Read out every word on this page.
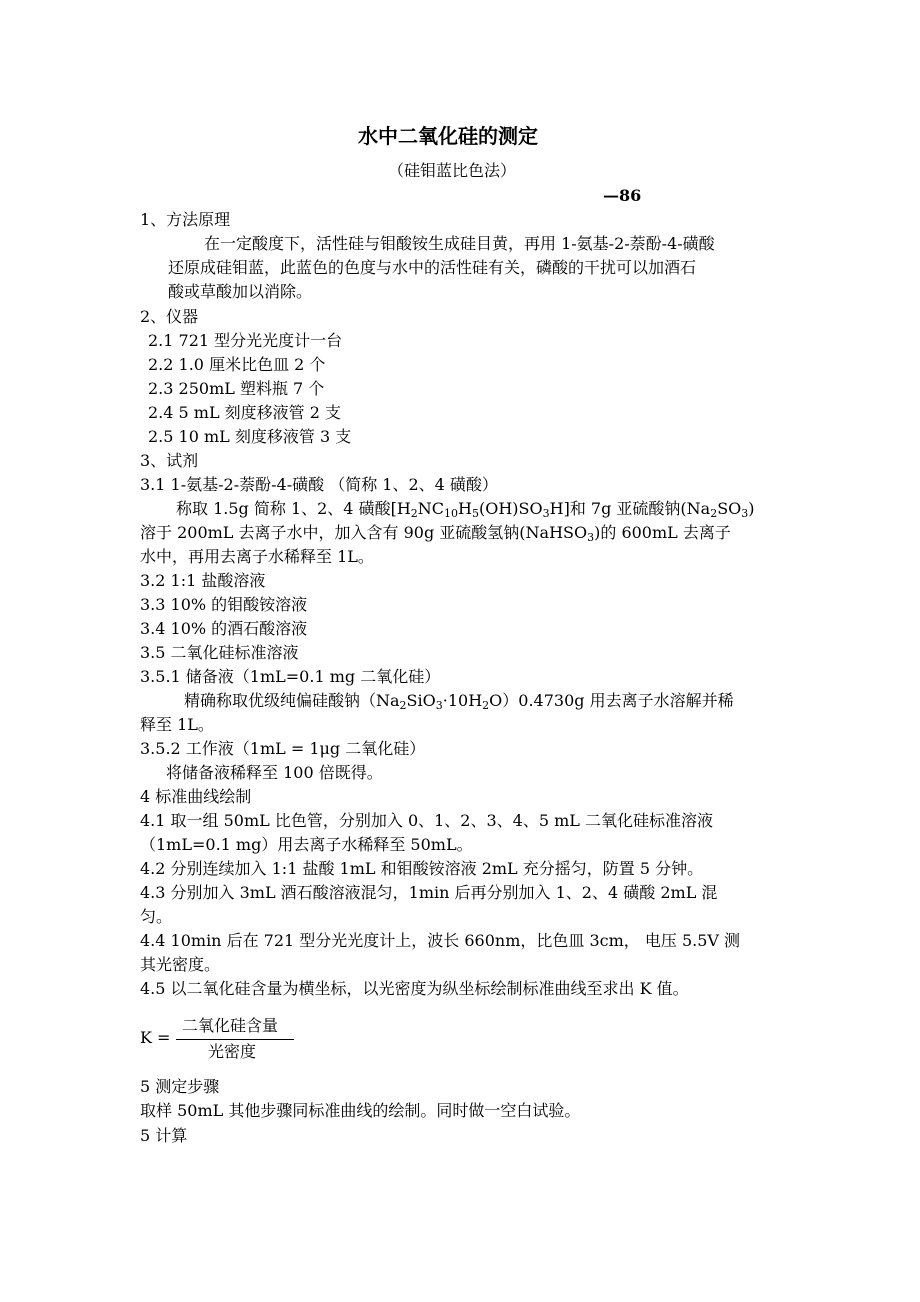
水中二氧化硅的测定
（硅钼蓝比色法）
—86
1、方法原理
在一定酸度下，活性硅与钼酸铵生成硅目黄，再用 1-氨基-2-萘酚-4-磺酸
还原成硅钼蓝，此蓝色的色度与水中的活性硅有关，磷酸的干扰可以加酒石
酸或草酸加以消除。
2、仪器
2.1 721 型分光光度计一台
2.2 1.0 厘米比色皿 2 个
2.3 250mL 塑料瓶 7 个
2.4 5 mL 刻度移液管 2 支
2.5 10 mL 刻度移液管 3 支
3、试剂
3.1 1-氨基-2-萘酚-4-磺酸 （简称 1、2、4 磺酸）
称取 1.5g 简称 1、2、4 磺酸$[H_2NC_{10}H_5(OH)SO_3H]$和 7g 亚硫酸钠$(Na_2SO_3)$
溶于 200mL 去离子水中，加入含有 90g 亚硫酸氢钠(NaHSO$_3$)的 600mL 去离子
水中，再用去离子水稀释至 1L。
3.2 1:1 盐酸溶液
3.3 10% 的钼酸铵溶液
3.4 10% 的酒石酸溶液
3.5 二氧化硅标准溶液
3.5.1 储备液（1mL=0.1 mg 二氧化硅）
精确称取优级纯偏硅酸钠$(Na_2SiO_3\cdot 10H_2O)0.4730g$ 用去离子水溶解并稀
释至 1L。
3.5.2 工作液（1mL = 1μg 二氧化硅）
将储备液稀释至 100 倍既得。
4 标准曲线绘制
4.1 取一组 50mL 比色管，分别加入 0、1、2、3、4、5 mL 二氧化硅标准溶液
（1mL=0.1 mg）用去离子水稀释至 50mL。
4.2 分别连续加入 1:1 盐酸 1mL 和钼酸铵溶液 2mL 充分摇匀，防置 5 分钟。
4.3 分别加入 3mL 酒石酸溶液混匀，1min 后再分别加入 1、2、4 磺酸 2mL 混
匀。
4.4 10min 后在 721 型分光光度计上，波长 660nm，比色皿 3cm， 电压 5.5V 测
其光密度。
4.5 以二氧化硅含量为横坐标，以光密度为纵坐标绘制标准曲线至求出 K 值。
K =
二氧化硅含量
光密度
5 测定步骤
取样 50mL 其他步骤同标准曲线的绘制。同时做一空白试验。
5 计算
